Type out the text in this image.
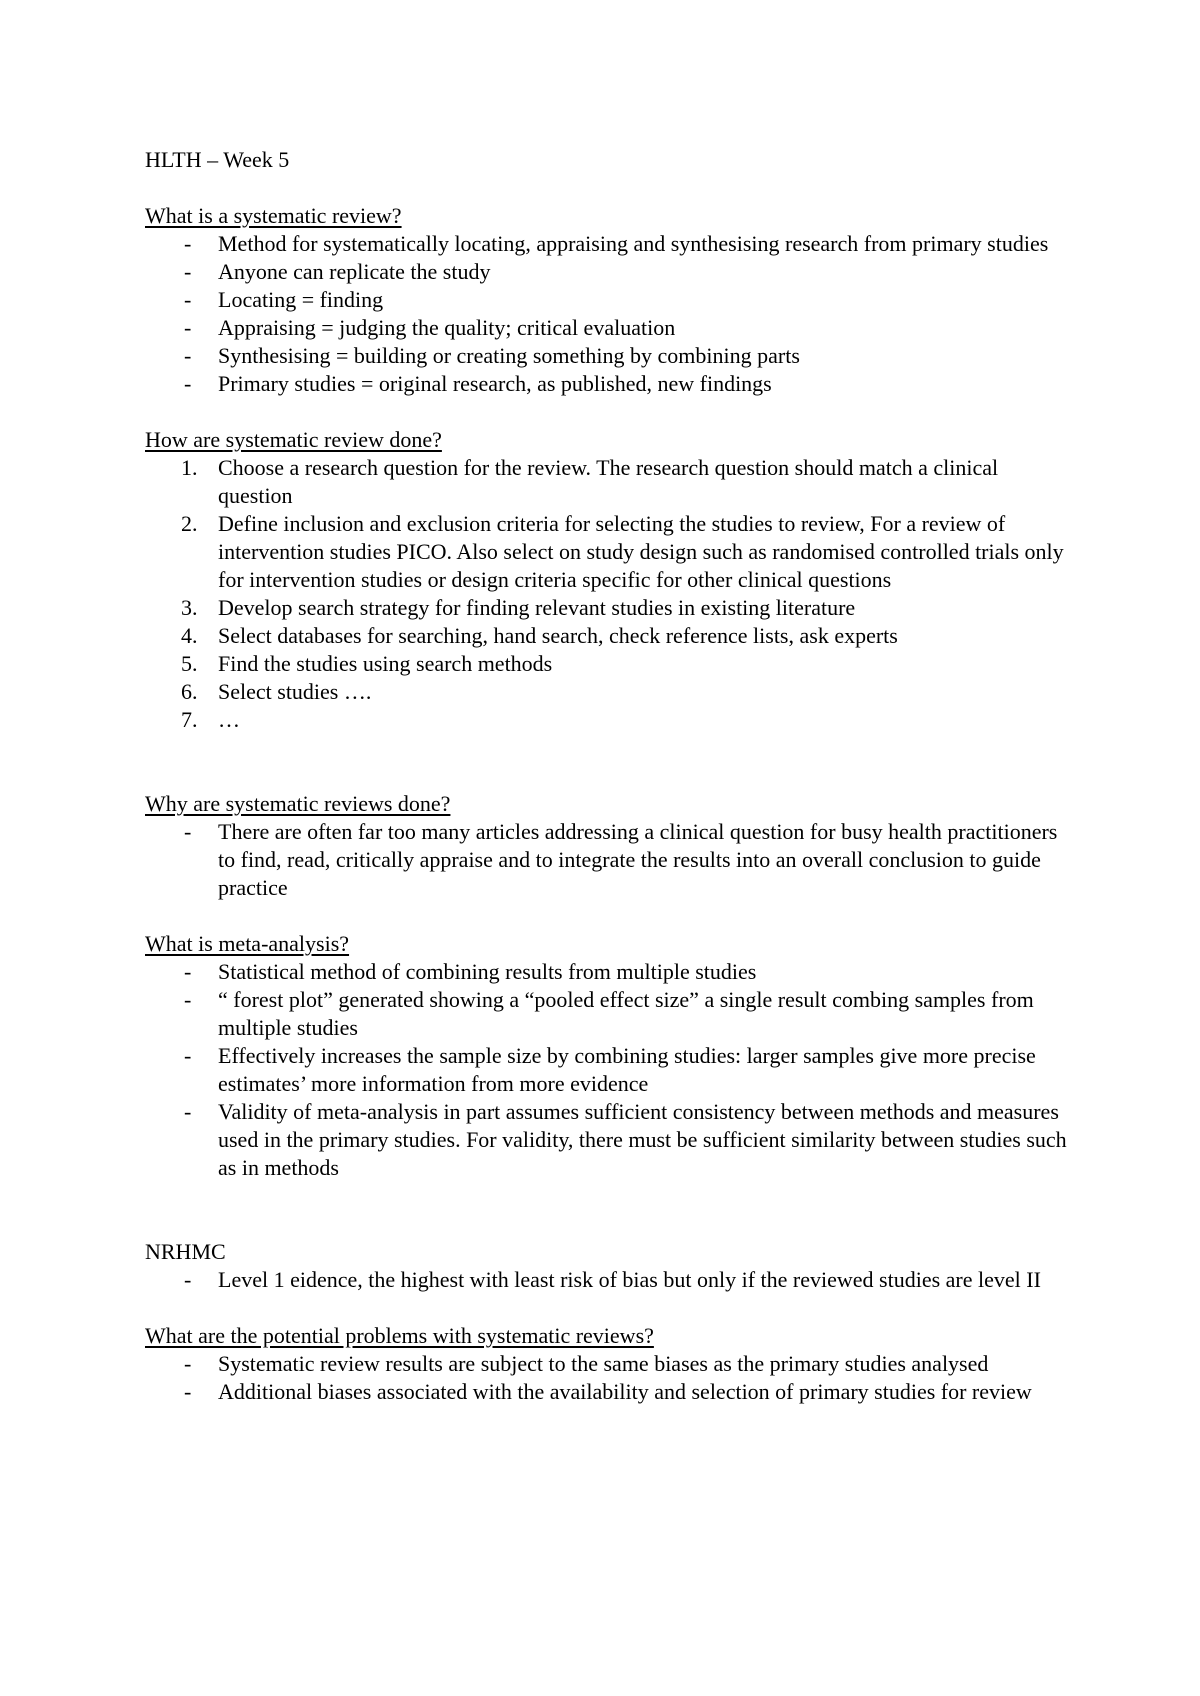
HLTH – Week 5
What is a systematic review?
- Method for systematically locating, appraising and synthesising research from primary studies
- Anyone can replicate the study
- Locating = finding
- Appraising = judging the quality; critical evaluation
- Synthesising = building or creating something by combining parts
- Primary studies = original research, as published, new findings
How are systematic review done?
1. Choose a research question for the review. The research question should match a clinical question
2. Define inclusion and exclusion criteria for selecting the studies to review, For a review of intervention studies PICO. Also select on study design such as randomised controlled trials only for intervention studies or design criteria specific for other clinical questions
3. Develop search strategy for finding relevant studies in existing literature
4. Select databases for searching, hand search, check reference lists, ask experts
5. Find the studies using search methods
6. Select studies ….
7. …
Why are systematic reviews done?
- There are often far too many articles addressing a clinical question for busy health practitioners to find, read, critically appraise and to integrate the results into an overall conclusion to guide practice
What is meta-analysis?
- Statistical method of combining results from multiple studies
- “ forest plot” generated showing a “pooled effect size” a single result combing samples from multiple studies
- Effectively increases the sample size by combining studies: larger samples give more precise estimates’ more information from more evidence
- Validity of meta-analysis in part assumes sufficient consistency between methods and measures used in the primary studies. For validity, there must be sufficient similarity between studies such as in methods
NRHMC
- Level 1 eidence, the highest with least risk of bias but only if the reviewed studies are level II
What are the potential problems with systematic reviews?
- Systematic review results are subject to the same biases as the primary studies analysed
- Additional biases associated with the availability and selection of primary studies for review
